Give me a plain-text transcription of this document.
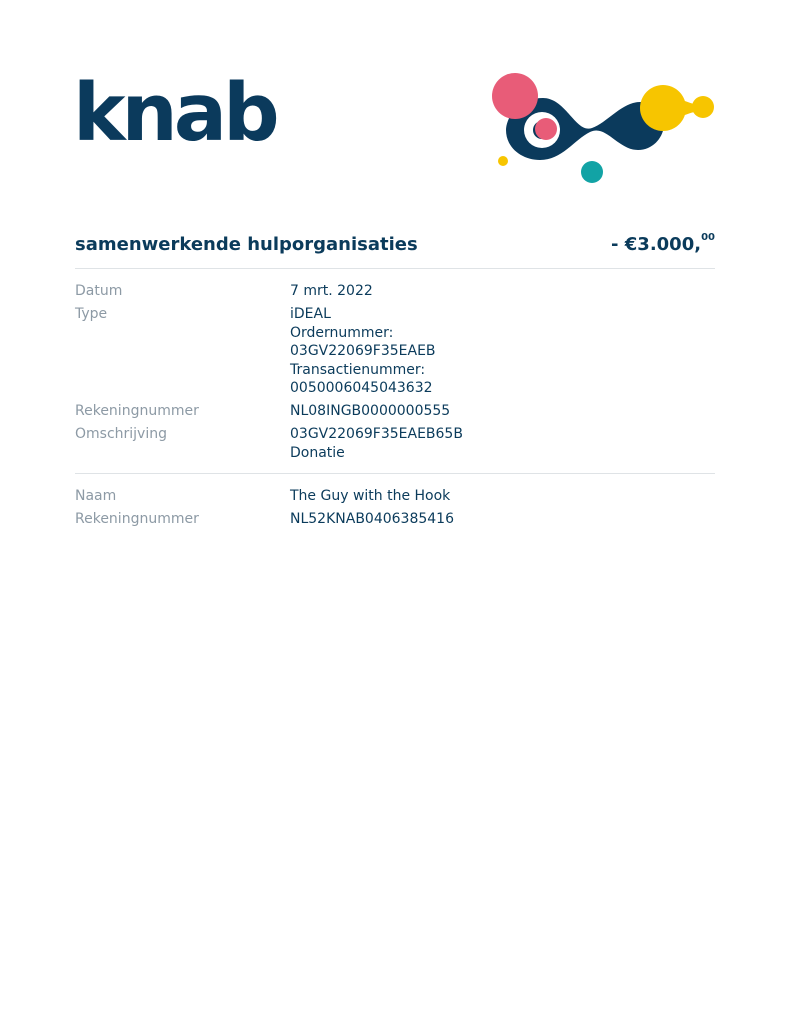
knab
samenwerkende hulporganisaties	- €3.000,00
Datum	7 mrt. 2022
Type	iDEAL
Ordernummer:
03GV22069F35EAEB
Transactienummer:
0050006045043632
Rekeningnummer	NL08INGB0000000555
Omschrijving	03GV22069F35EAEB65B
Donatie
Naam	The Guy with the Hook
Rekeningnummer	NL52KNAB0406385416
